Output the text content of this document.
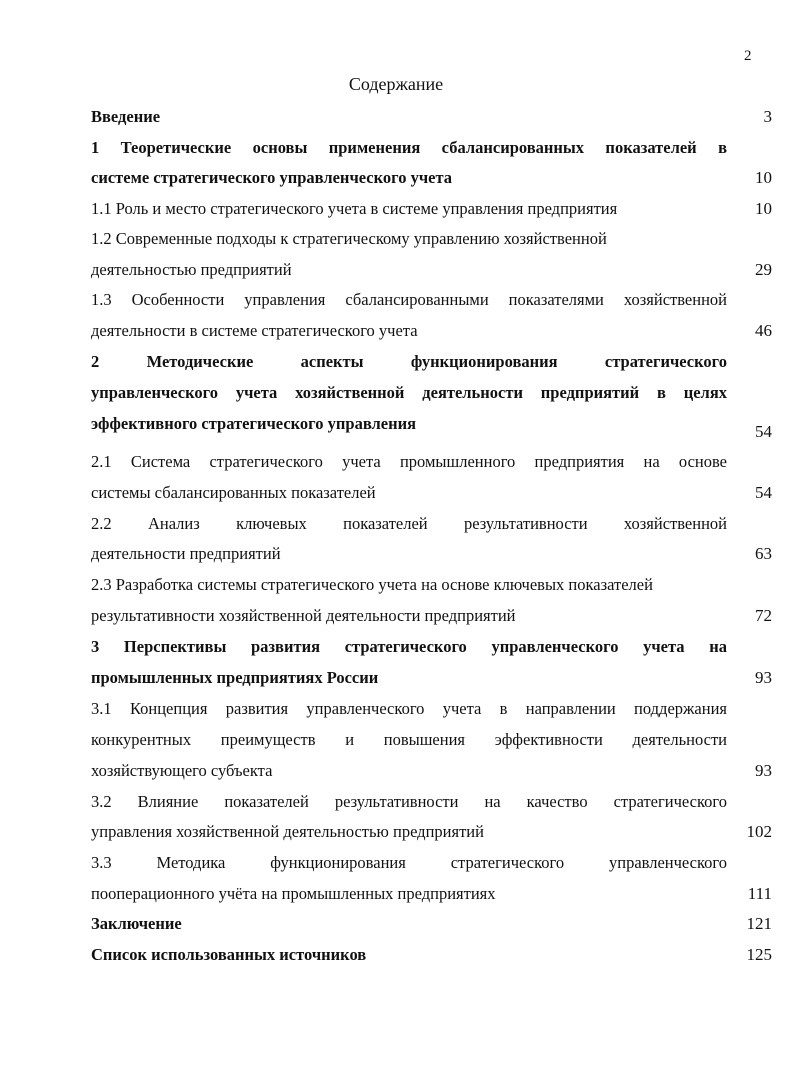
2
Содержание
Введение	3
1 Теоретические основы применения сбалансированных показателей в
системе стратегического управленческого учета	10
1.1 Роль и место стратегического учета в системе управления предприятия	10
1.2 Современные подходы к стратегическому управлению хозяйственной
деятельностью предприятий	29
1.3 Особенности управления сбалансированными показателями хозяйственной
деятельности в системе стратегического учета	46
2 Методические аспекты функционирования стратегического
управленческого учета хозяйственной деятельности предприятий в целях
эффективного стратегического управления	54
2.1 Система стратегического учета промышленного предприятия на основе
системы сбалансированных показателей	54
2.2 Анализ ключевых показателей результативности хозяйственной
деятельности предприятий	63
2.3 Разработка системы стратегического учета на основе ключевых показателей
результативности хозяйственной деятельности предприятий	72
3 Перспективы развития стратегического управленческого учета на
промышленных предприятиях России	93
3.1 Концепция развития управленческого учета в направлении поддержания
конкурентных преимуществ и повышения эффективности деятельности
хозяйствующего субъекта	93
3.2 Влияние показателей результативности на качество стратегического
управления хозяйственной деятельностью предприятий	102
3.3 Методика функционирования стратегического управленческого
пооперационного учёта на промышленных предприятиях	111
Заключение	121
Список использованных источников	125
